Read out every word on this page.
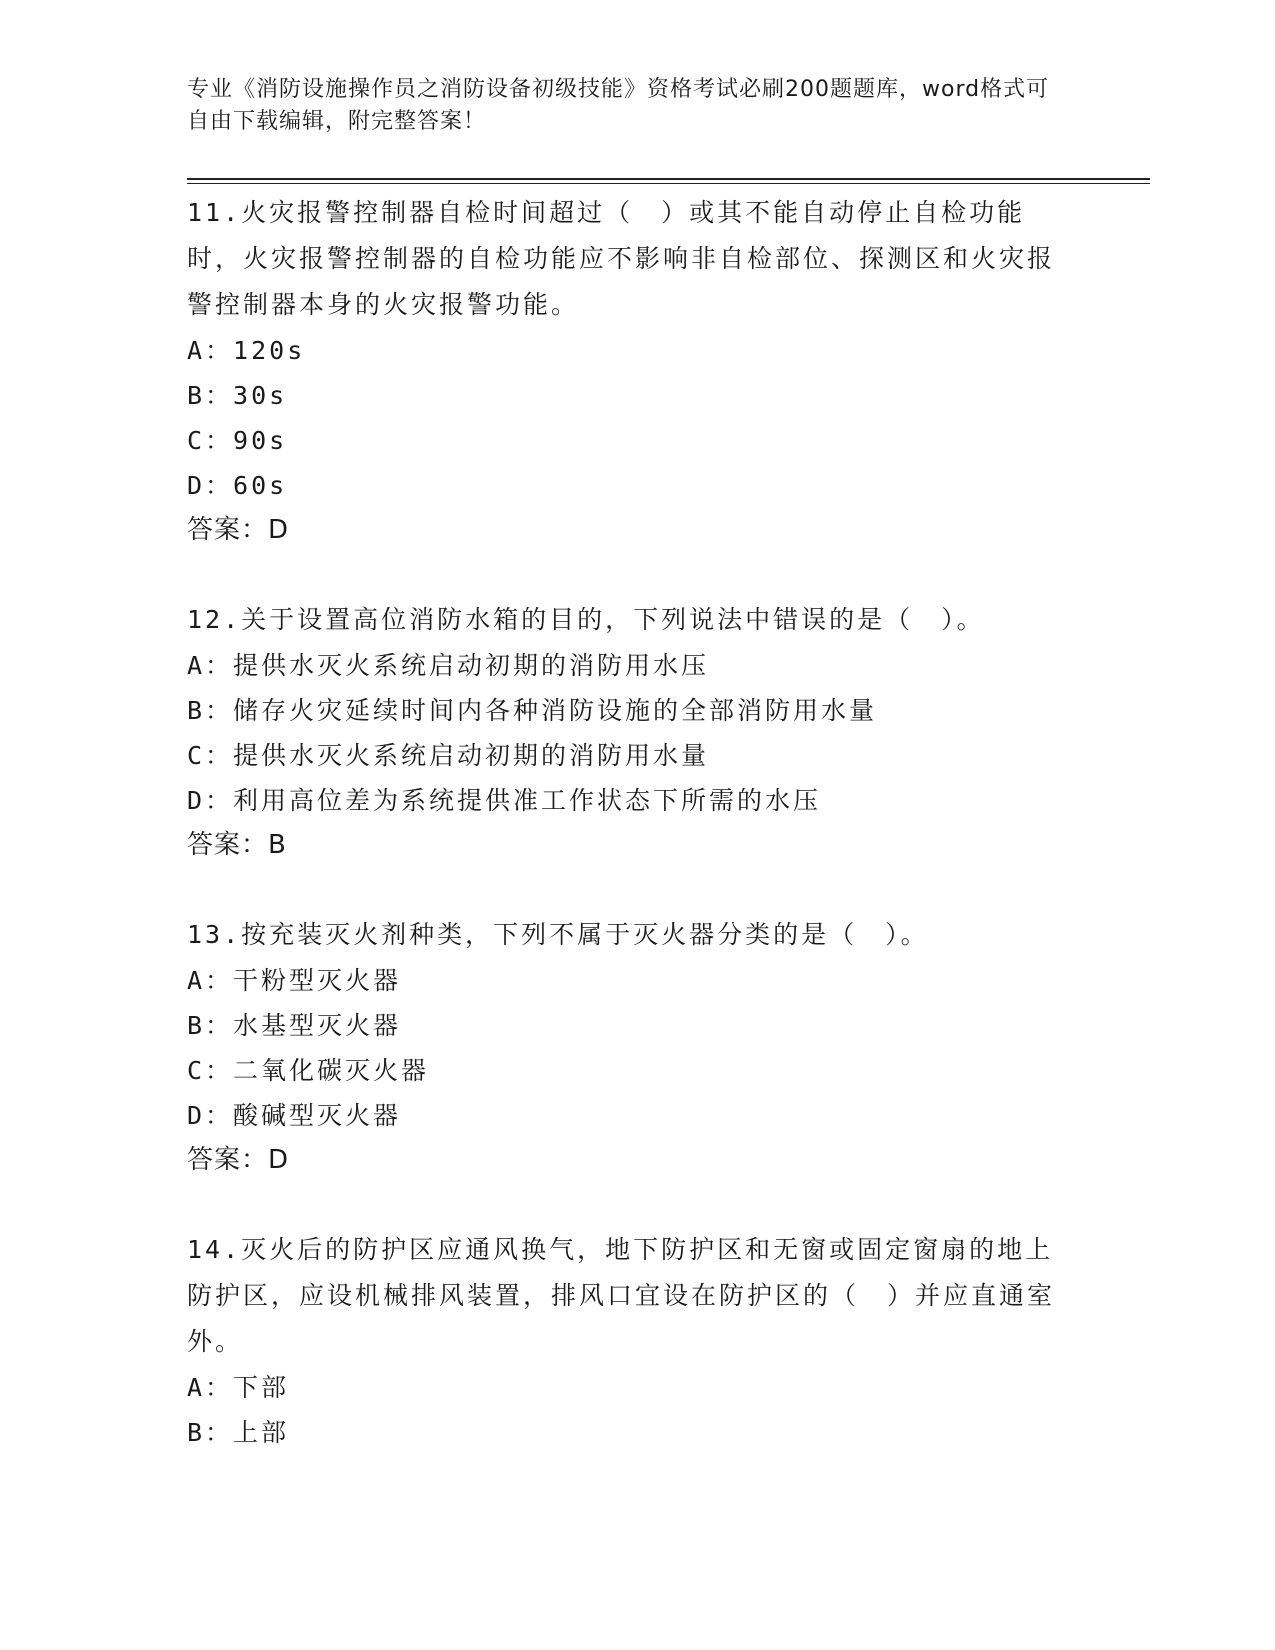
专业《消防设施操作员之消防设备初级技能》资格考试必刷200题题库，word格式可自由下载编辑，附完整答案！
11.火灾报警控制器自检时间超过（　）或其不能自动停止自检功能时，火灾报警控制器的自检功能应不影响非自检部位、探测区和火灾报警控制器本身的火灾报警功能。
A：120s
B：30s
C：90s
D：60s
答案：D
12.关于设置高位消防水箱的目的，下列说法中错误的是（　）。
A：提供水灭火系统启动初期的消防用水压
B：储存火灾延续时间内各种消防设施的全部消防用水量
C：提供水灭火系统启动初期的消防用水量
D：利用高位差为系统提供准工作状态下所需的水压
答案：B
13.按充装灭火剂种类，下列不属于灭火器分类的是（　）。
A：干粉型灭火器
B：水基型灭火器
C：二氧化碳灭火器
D：酸碱型灭火器
答案：D
14.灭火后的防护区应通风换气，地下防护区和无窗或固定窗扇的地上防护区，应设机械排风装置，排风口宜设在防护区的（　）并应直通室外。
A：下部
B：上部
